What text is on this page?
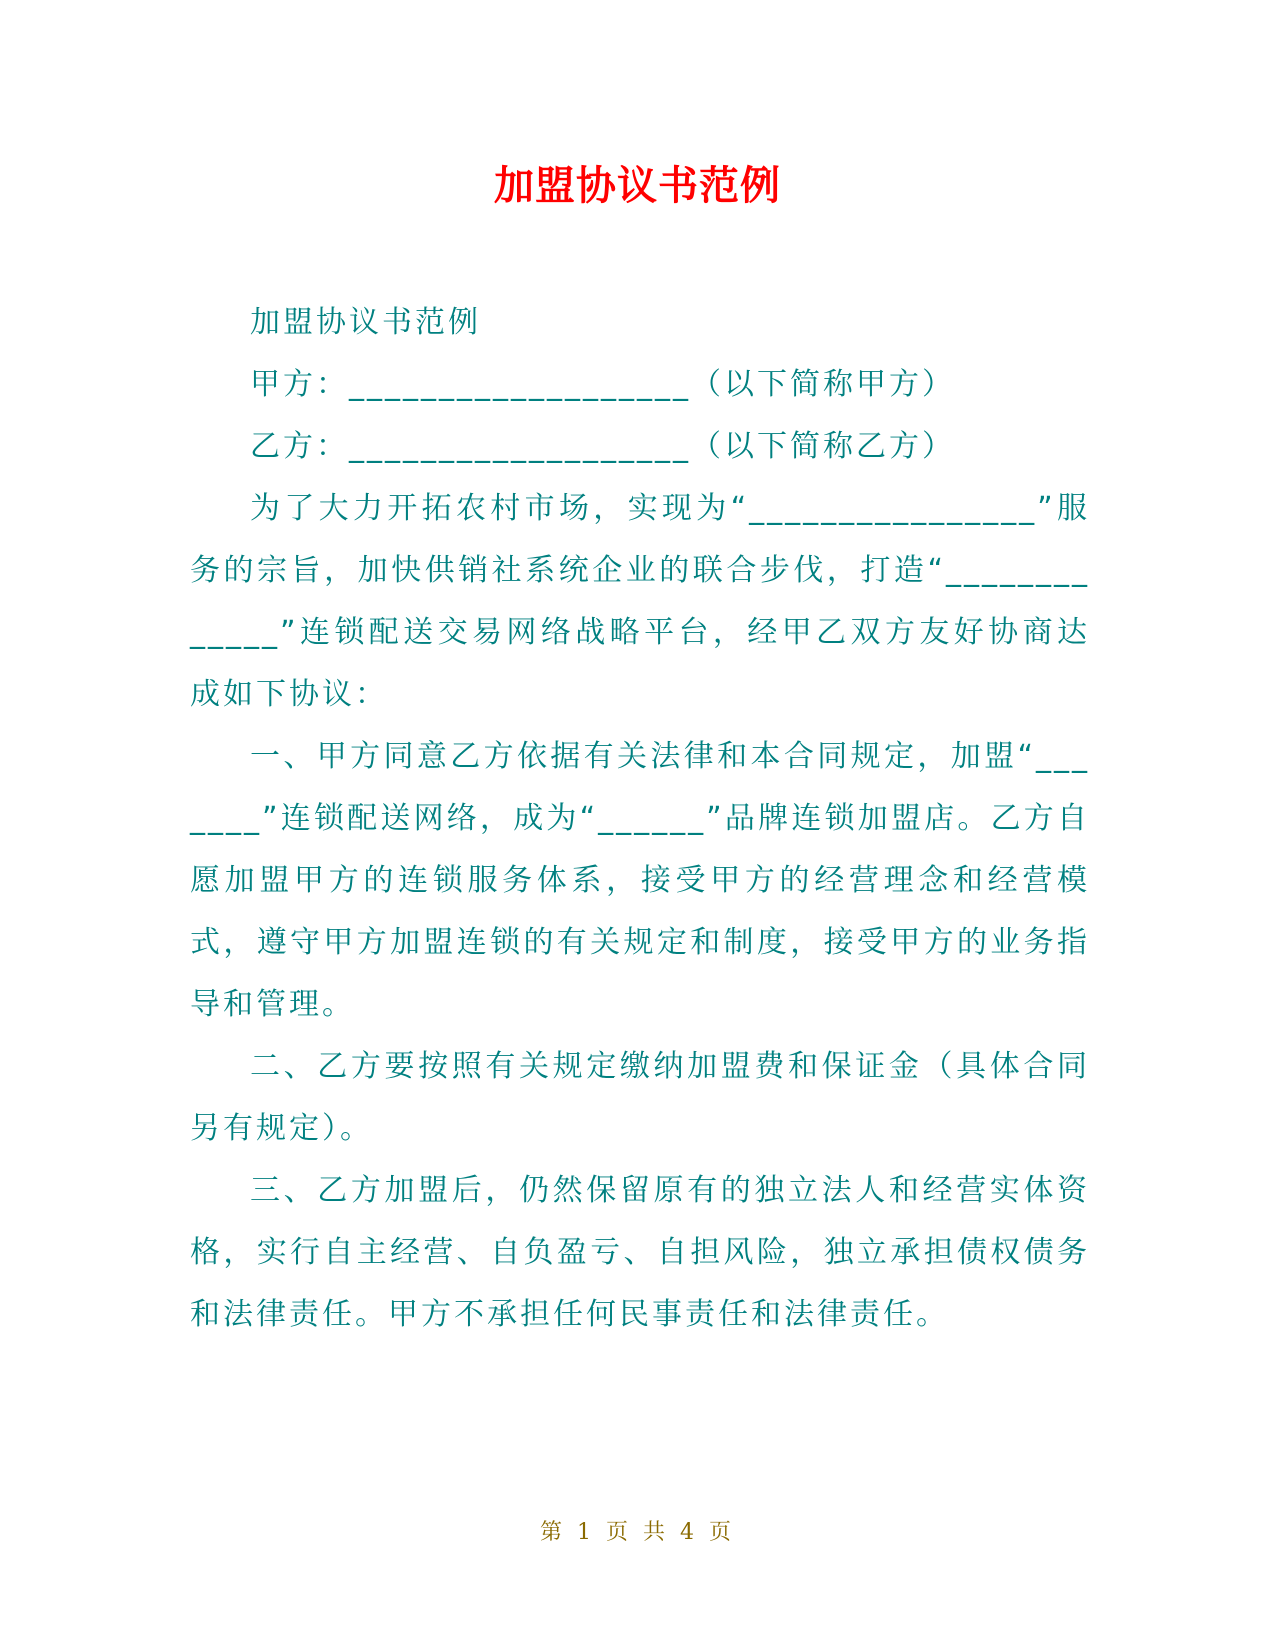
加盟协议书范例

加盟协议书范例

甲方：___________________（以下简称甲方）

乙方：___________________（以下简称乙方）

为了大力开拓农村市场，实现为“________________”服务的宗旨，加快供销社系统企业的联合步伐，打造“_____________”连锁配送交易网络战略平台，经甲乙双方友好协商达成如下协议：

一、甲方同意乙方依据有关法律和本合同规定，加盟“_______”连锁配送网络，成为“______”品牌连锁加盟店。乙方自愿加盟甲方的连锁服务体系，接受甲方的经营理念和经营模式，遵守甲方加盟连锁的有关规定和制度，接受甲方的业务指导和管理。

二、乙方要按照有关规定缴纳加盟费和保证金（具体合同另有规定）。

三、乙方加盟后，仍然保留原有的独立法人和经营实体资格，实行自主经营、自负盈亏、自担风险，独立承担债权债务和法律责任。甲方不承担任何民事责任和法律责任。

第 1 页 共 4 页
